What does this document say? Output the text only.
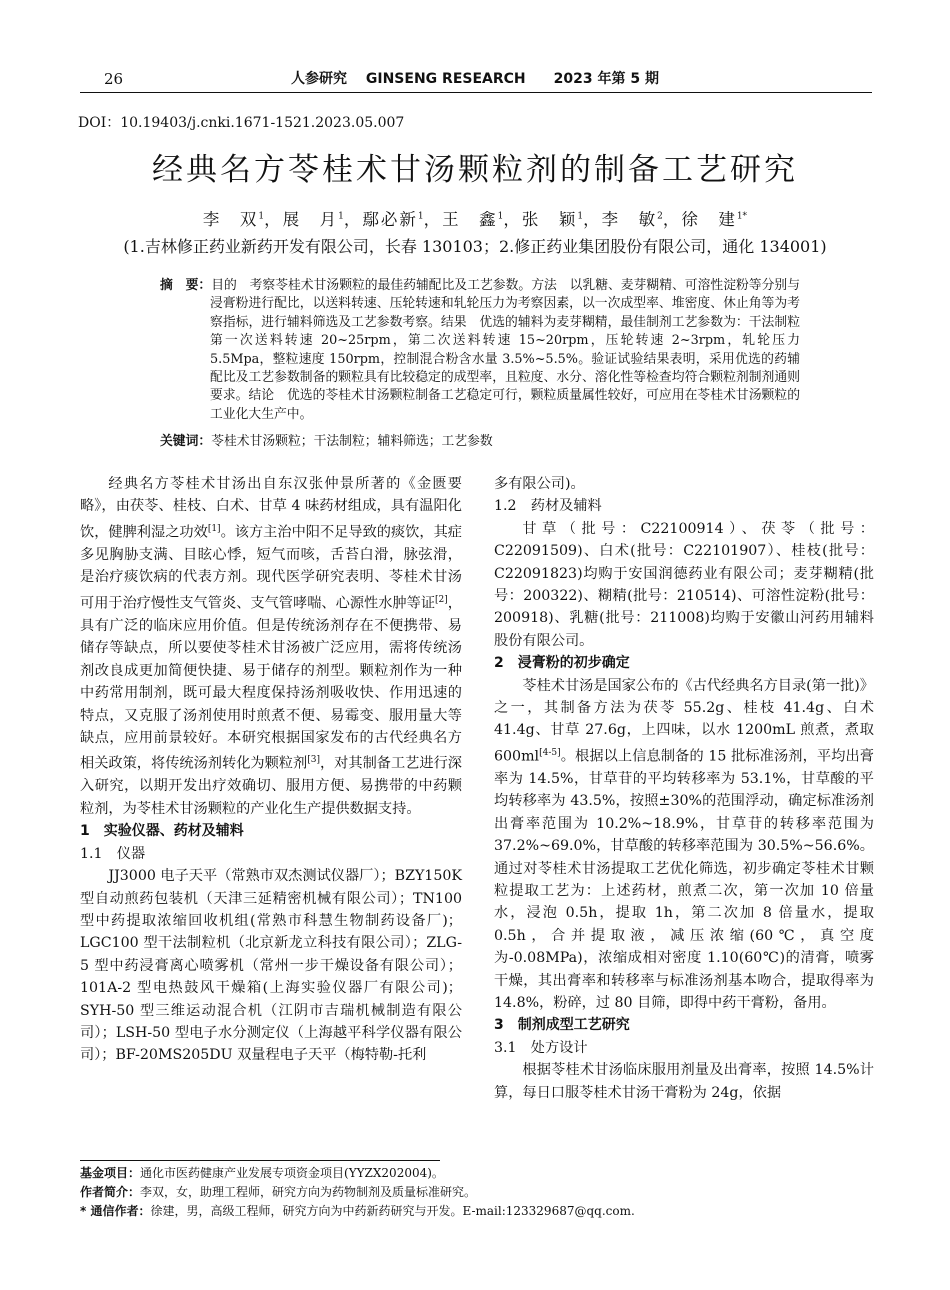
26	人参研究 GINSENG RESEARCH 2023 年第 5 期
DOI：10.19403/j.cnki.1671-1521.2023.05.007
经典名方苓桂术甘汤颗粒剂的制备工艺研究
李　双$^1$，展　月$^1$，鄢必新$^1$，王　鑫$^1$，张　颖$^1$，李　敏$^2$，徐　建$^{1*}$
(1.吉林修正药业新药开发有限公司，长春 130103；2.修正药业集团股份有限公司，通化 134001)
摘　要：目的　考察苓桂术甘汤颗粒的最佳药辅配比及工艺参数。方法　以乳糖、麦芽糊精、可溶性淀粉等分别与浸膏粉进行配比，以送料转速、压轮转速和轧轮压力为考察因素，以一次成型率、堆密度、休止角等为考察指标，进行辅料筛选及工艺参数考察。结果　优选的辅料为麦芽糊精，最佳制剂工艺参数为：干法制粒第一次送料转速 20~25rpm，第二次送料转速 15~20rpm，压轮转速 2~3rpm，轧轮压力 5.5Mpa，整粒速度 150rpm，控制混合粉含水量 3.5%~5.5%。验证试验结果表明，采用优选的药辅配比及工艺参数制备的颗粒具有比较稳定的成型率，且粒度、水分、溶化性等检查均符合颗粒剂制剂通则要求。结论　优选的苓桂术甘汤颗粒制备工艺稳定可行，颗粒质量属性较好，可应用在苓桂术甘汤颗粒的工业化大生产中。
关键词：苓桂术甘汤颗粒；干法制粒；辅料筛选；工艺参数

经典名方苓桂术甘汤出自东汉张仲景所著的《金匮要略》，由茯苓、桂枝、白术、甘草 4 味药材组成，具有温阳化饮，健脾利湿之功效[1]。该方主治中阳不足导致的痰饮，其症多见胸胁支满、目眩心悸，短气而咳，舌苔白滑，脉弦滑，是治疗痰饮病的代表方剂。现代医学研究表明、苓桂术甘汤可用于治疗慢性支气管炎、支气管哮喘、心源性水肿等证[2]，具有广泛的临床应用价值。但是传统汤剂存在不便携带、易储存等缺点，所以要使苓桂术甘汤被广泛应用，需将传统汤剂改良成更加简便快捷、易于储存的剂型。颗粒剂作为一种中药常用制剂，既可最大程度保持汤剂吸收快、作用迅速的特点，又克服了汤剂使用时煎煮不便、易霉变、服用量大等缺点，应用前景较好。本研究根据国家发布的古代经典名方相关政策，将传统汤剂转化为颗粒剂[3]，对其制备工艺进行深入研究，以期开发出疗效确切、服用方便、易携带的中药颗粒剂，为苓桂术甘汤颗粒的产业化生产提供数据支持。

1　实验仪器、药材及辅料
1.1　仪器

JJ3000 电子天平（常熟市双杰测试仪器厂）；BZY150K 型自动煎药包装机（天津三延精密机械有限公司）；TN100 型中药提取浓缩回收机组(常熟市科慧生物制药设备厂)；LGC100 型干法制粒机（北京新龙立科技有限公司）；ZLG-5 型中药浸膏离心喷雾机（常州一步干燥设备有限公司）；101A-2 型电热鼓风干燥箱(上海实验仪器厂有限公司)；SYH-50 型三维运动混合机（江阴市吉瑞机械制造有限公司）；LSH-50 型电子水分测定仪（上海越平科学仪器有限公司）；BF-20MS205DU 双量程电子天平（梅特勒-托利

多有限公司)。

1.2　药材及辅料

甘草（批号：C22100914）、茯苓（批号：C22091509)、白术(批号：C22101907）、桂枝(批号：C22091823)均购于安国润德药业有限公司；麦芽糊精(批号：200322)、糊精(批号：210514)、可溶性淀粉(批号：200918)、乳糖(批号：211008)均购于安徽山河药用辅料股份有限公司。

2　浸膏粉的初步确定

苓桂术甘汤是国家公布的《古代经典名方目录(第一批)》之一，其制备方法为茯苓 55.2g、桂枝 41.4g、白术 41.4g、甘草 27.6g，上四味，以水 1200mL 煎煮，煮取 600ml[4-5]。根据以上信息制备的 15 批标准汤剂，平均出膏率为 14.5%，甘草苷的平均转移率为 53.1%，甘草酸的平均转移率为 43.5%，按照±30%的范围浮动，确定标准汤剂出膏率范围为 10.2%~18.9%，甘草苷的转移率范围为 37.2%~69.0%，甘草酸的转移率范围为 30.5%~56.6%。通过对苓桂术甘汤提取工艺优化筛选，初步确定苓桂术甘颗粒提取工艺为：上述药材，煎煮二次，第一次加 10 倍量水，浸泡 0.5h，提取 1h，第二次加 8 倍量水，提取 0.5h，合并提取液，减压浓缩(60℃，真空度为-0.08MPa)，浓缩成相对密度 1.10(60℃)的清膏，喷雾干燥，其出膏率和转移率与标准汤剂基本吻合，提取得率为 14.8%，粉碎，过 80 目筛，即得中药干膏粉，备用。

3　制剂成型工艺研究
3.1　处方设计

根据苓桂术甘汤临床服用剂量及出膏率，按照 14.5%计算，每日口服苓桂术甘汤干膏粉为 24g，依据

基金项目：通化市医药健康产业发展专项资金项目(YYZX202004)。

作者简介：李双，女，助理工程师，研究方向为药物制剂及质量标准研究。

* 通信作者：徐建，男，高级工程师，研究方向为中药新药研究与开发。E-mail:123329687@qq.com.
